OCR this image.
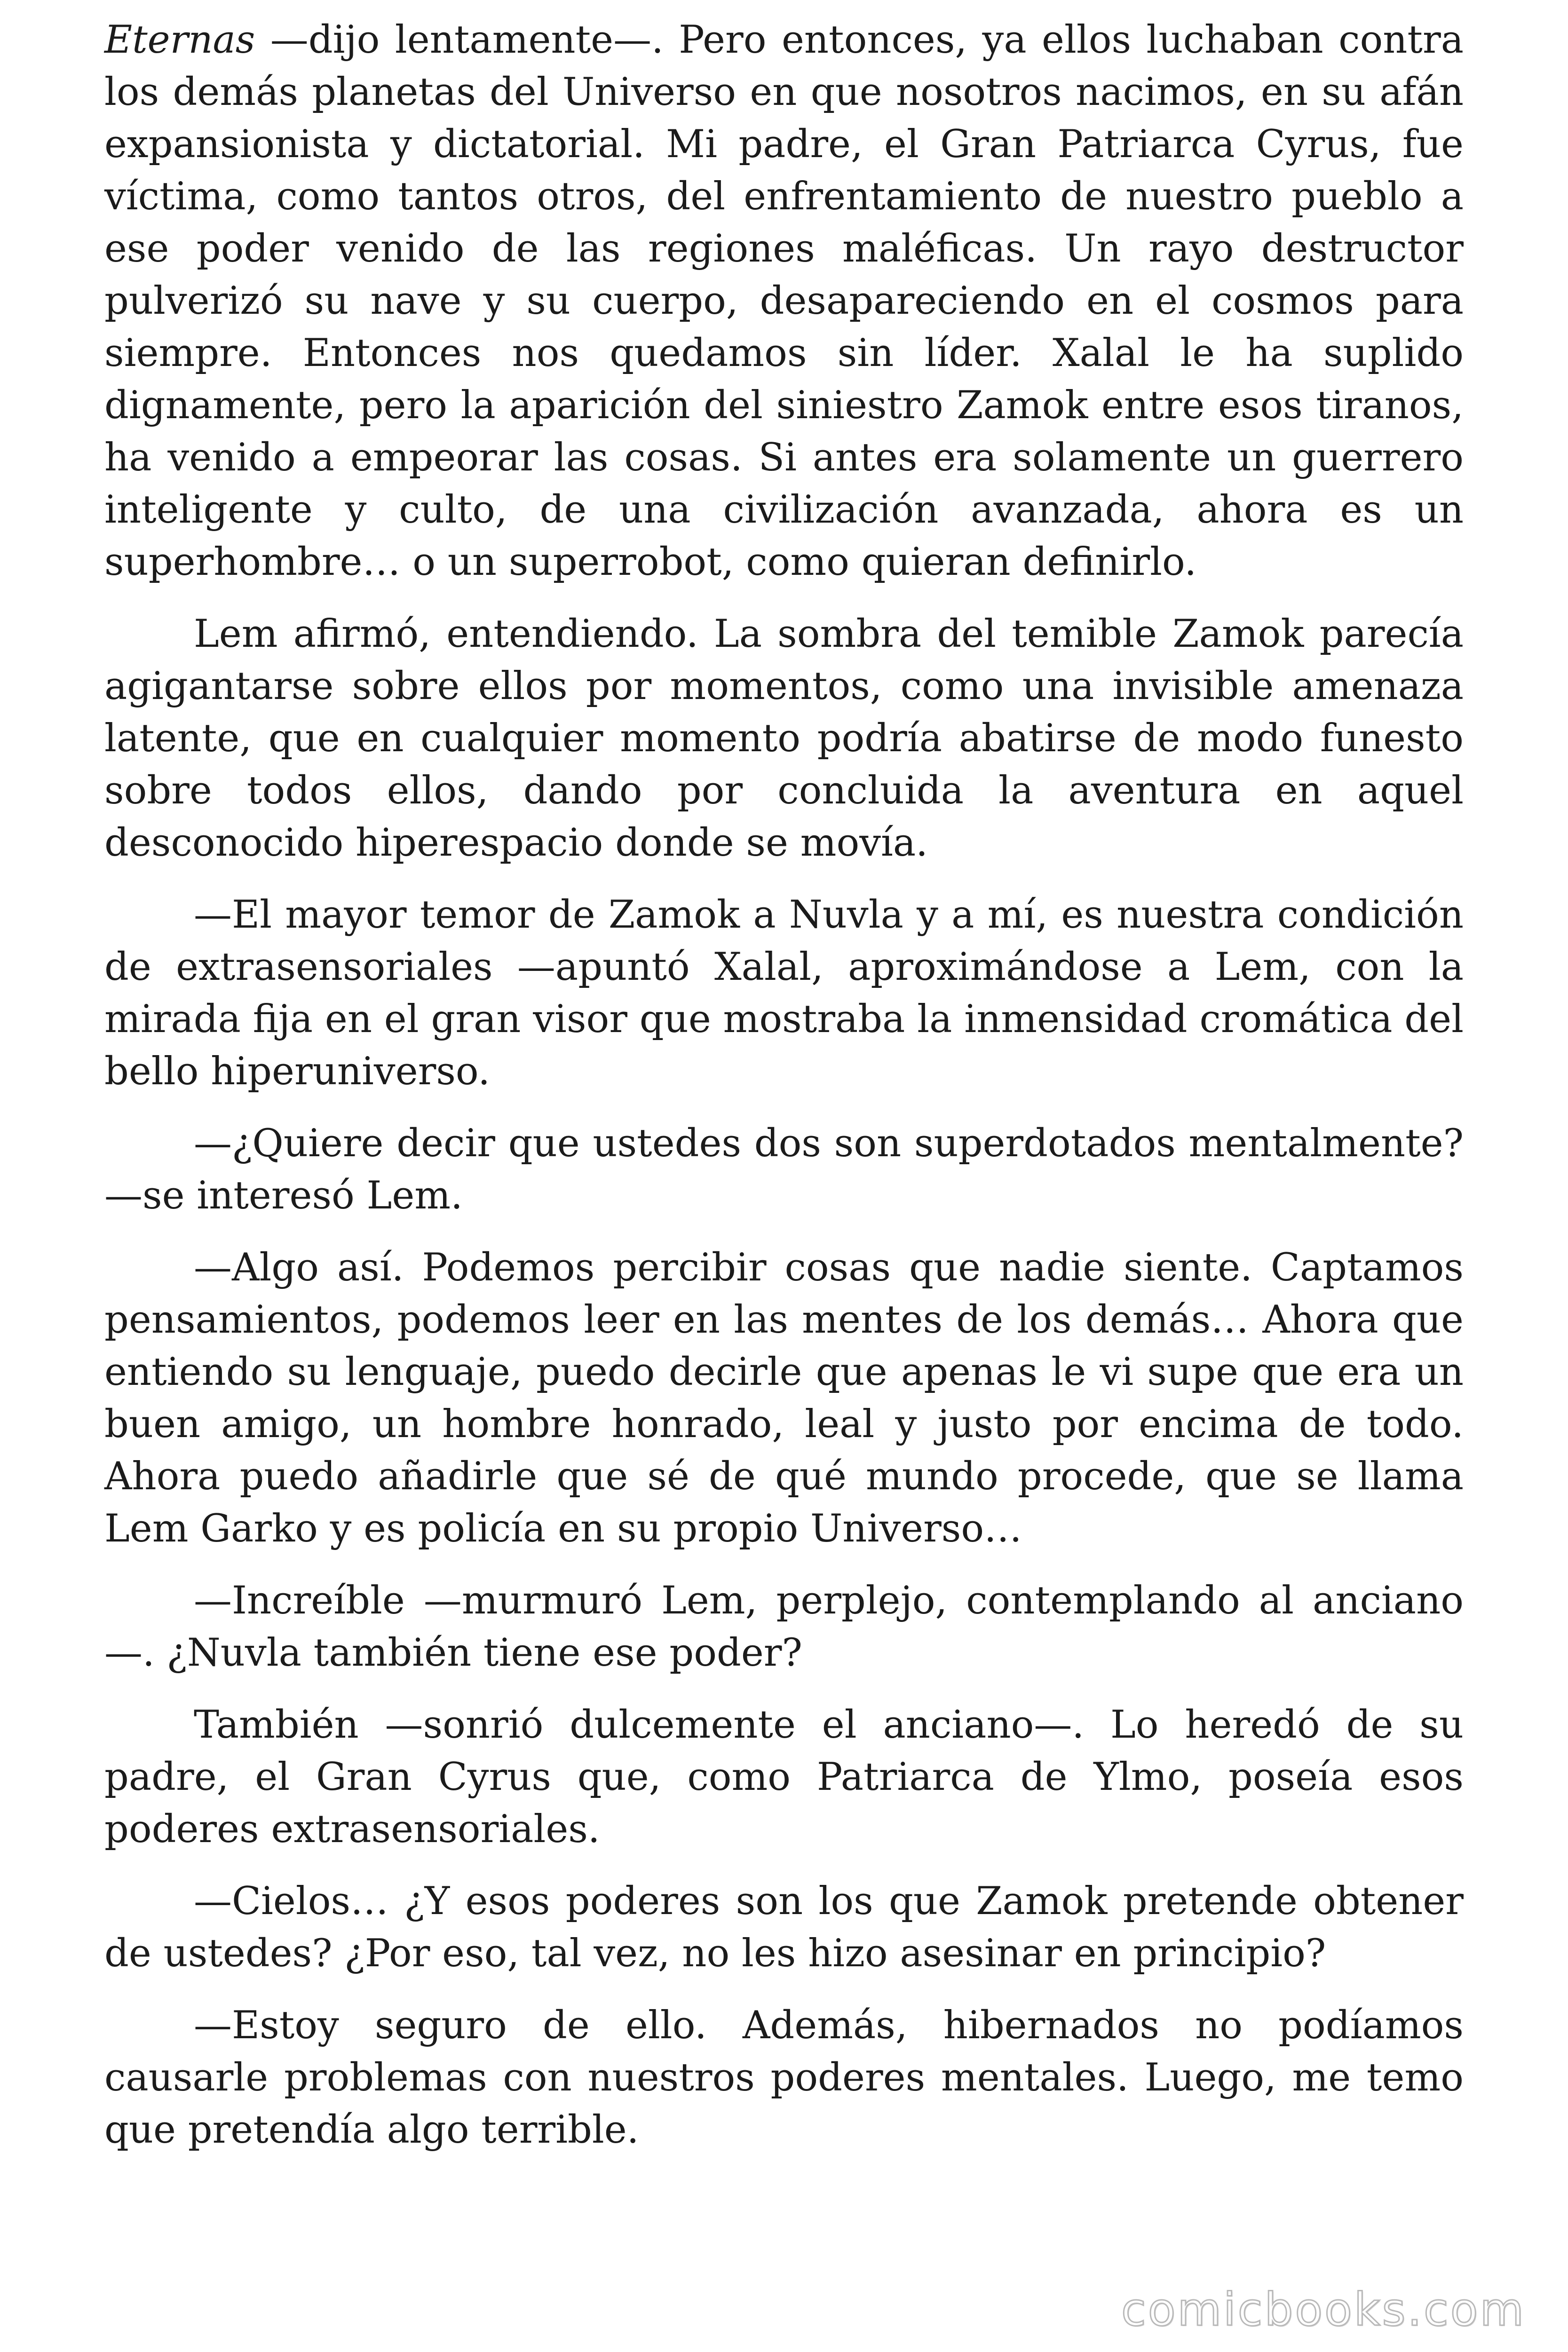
Eternas —dijo lentamente—. Pero entonces, ya ellos luchaban contra los demás planetas del Universo en que nosotros nacimos, en su afán expansionista y dictatorial. Mi padre, el Gran Patriarca Cyrus, fue víctima, como tantos otros, del enfrentamiento de nuestro pueblo a ese poder venido de las regiones maléficas. Un rayo destructor pulverizó su nave y su cuerpo, desapareciendo en el cosmos para siempre. Entonces nos quedamos sin líder. Xalal le ha suplido dignamente, pero la aparición del siniestro Zamok entre esos tiranos, ha venido a empeorar las cosas. Si antes era solamente un guerrero inteligente y culto, de una civilización avanzada, ahora es un superhombre… o un superrobot, como quieran definirlo.

Lem afirmó, entendiendo. La sombra del temible Zamok parecía agigantarse sobre ellos por momentos, como una invisible amenaza latente, que en cualquier momento podría abatirse de modo funesto sobre todos ellos, dando por concluida la aventura en aquel desconocido hiperespacio donde se movía.

—El mayor temor de Zamok a Nuvla y a mí, es nuestra condición de extrasensoriales —apuntó Xalal, aproximándose a Lem, con la mirada fija en el gran visor que mostraba la inmensidad cromática del bello hiperuniverso.

—¿Quiere decir que ustedes dos son superdotados mentalmente? —se interesó Lem.

—Algo así. Podemos percibir cosas que nadie siente. Captamos pensamientos, podemos leer en las mentes de los demás… Ahora que entiendo su lenguaje, puedo decirle que apenas le vi supe que era un buen amigo, un hombre honrado, leal y justo por encima de todo. Ahora puedo añadirle que sé de qué mundo procede, que se llama Lem Garko y es policía en su propio Universo…

—Increíble —murmuró Lem, perplejo, contemplando al anciano —. ¿Nuvla también tiene ese poder?

También —sonrió dulcemente el anciano—. Lo heredó de su padre, el Gran Cyrus que, como Patriarca de Ylmo, poseía esos poderes extrasensoriales.

—Cielos… ¿Y esos poderes son los que Zamok pretende obtener de ustedes? ¿Por eso, tal vez, no les hizo asesinar en principio?

—Estoy seguro de ello. Además, hibernados no podíamos causarle problemas con nuestros poderes mentales. Luego, me temo que pretendía algo terrible.

comicbooks.com
